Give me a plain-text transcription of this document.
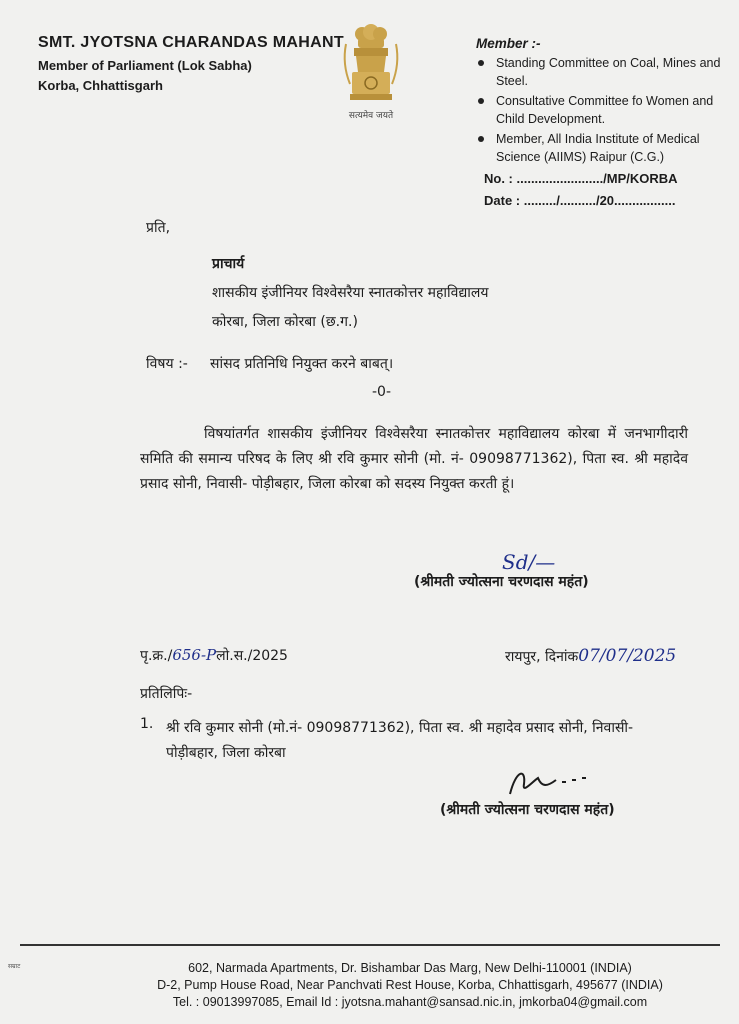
SMT. JYOTSNA CHARANDAS MAHANT
Member of Parliament (Lok Sabha)
Korba, Chhattisgarh
सत्यमेव जयते
Member :-
Standing Committee on Coal, Mines and Steel.
Consultative Committee fo Women and Child Development.
Member, All India Institute of Medical Science (AIIMS) Raipur (C.G.)
No. : ......................../MP/KORBA
Date : ........./........../20.................
प्रति,
प्राचार्य
शासकीय इंजीनियर विश्वेसरैया स्नातकोत्तर महाविद्यालय
कोरबा, जिला कोरबा (छ.ग.)
विषय :- सांसद प्रतिनिधि नियुक्त करने बाबत्।
-0-
विषयांतर्गत शासकीय इंजीनियर विश्वेसरैया स्नातकोत्तर महाविद्यालय कोरबा में जनभागीदारी समिति की समान्य परिषद के लिए श्री रवि कुमार सोनी (मो. नं- 09098771362), पिता स्व. श्री महादेव प्रसाद सोनी, निवासी- पोड़ीबहार, जिला कोरबा को सदस्य नियुक्त करती हूं।
Sd/—
(श्रीमती ज्योत्सना चरणदास महंत)
पृ.क्र./656-Pलो.स./2025	रायपुर, दिनांक07/07/2025
प्रतिलिपिः-
1. श्री रवि कुमार सोनी (मो.नं- 09098771362), पिता स्व. श्री महादेव प्रसाद सोनी, निवासी- पोड़ीबहार, जिला कोरबा
(श्रीमती ज्योत्सना चरणदास महंत)
सम्राट	602, Narmada Apartments, Dr. Bishambar Das Marg, New Delhi-110001 (INDIA)
D-2, Pump House Road, Near Panchvati Rest House, Korba, Chhattisgarh, 495677 (INDIA)
Tel. : 09013997085, Email Id : jyotsna.mahant@sansad.nic.in, jmkorba04@gmail.com
